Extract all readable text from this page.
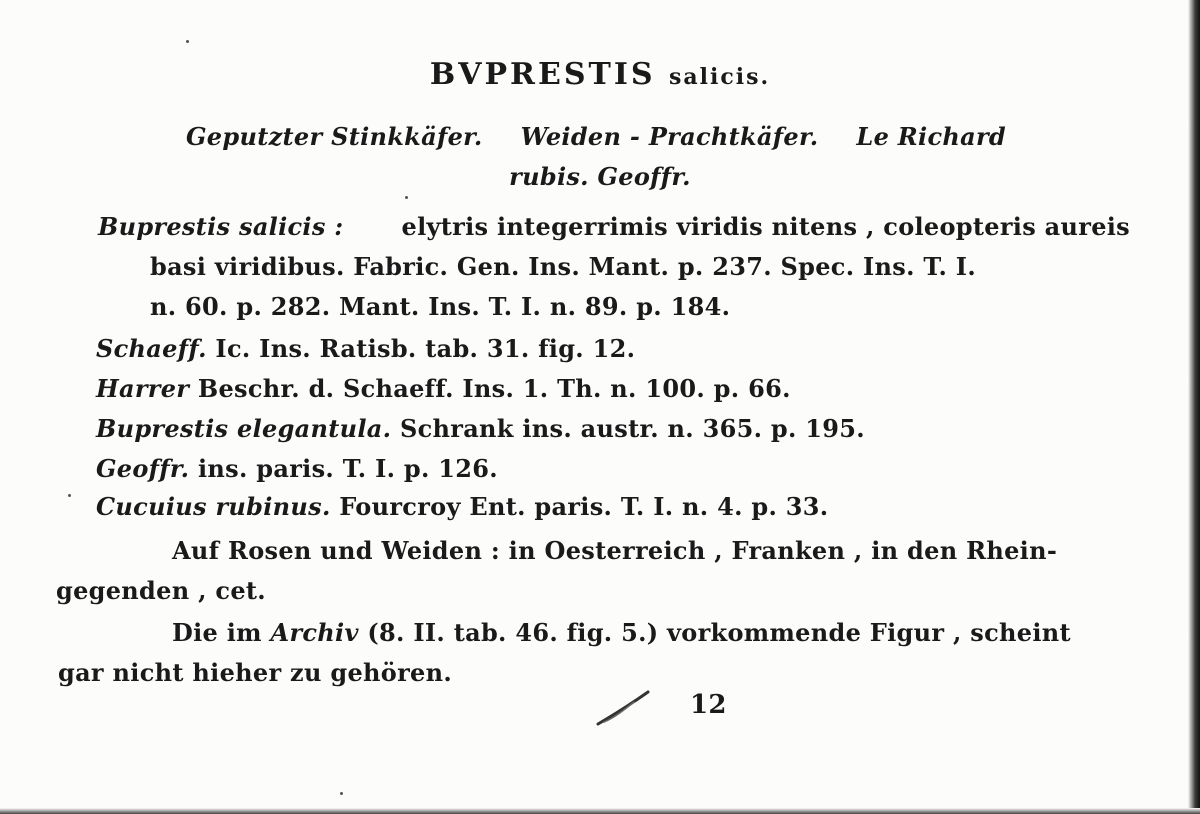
BVPRESTIS salicis.
Geputzter Stinkkäfer. Weiden - Prachtkäfer. Le Richard
rubis. Geoffr.
Buprestis salicis : elytris integerrimis viridis nitens , coleopteris aureis
basi viridibus. Fabric. Gen. Ins. Mant. p. 237. Spec. Ins. T. I.
n. 60. p. 282. Mant. Ins. T. I. n. 89. p. 184.
Schaeff. Ic. Ins. Ratisb. tab. 31. fig. 12.
Harrer Beschr. d. Schaeff. Ins. 1. Th. n. 100. p. 66.
Buprestis elegantula. Schrank ins. austr. n. 365. p. 195.
Geoffr. ins. paris. T. I. p. 126.
Cucuius rubinus. Fourcroy Ent. paris. T. I. n. 4. p. 33.
Auf Rosen und Weiden : in Oesterreich , Franken , in den Rhein-
gegenden , cet.
Die im Archiv (8. II. tab. 46. fig. 5.) vorkommende Figur , scheint
gar nicht hieher zu gehören.
12
